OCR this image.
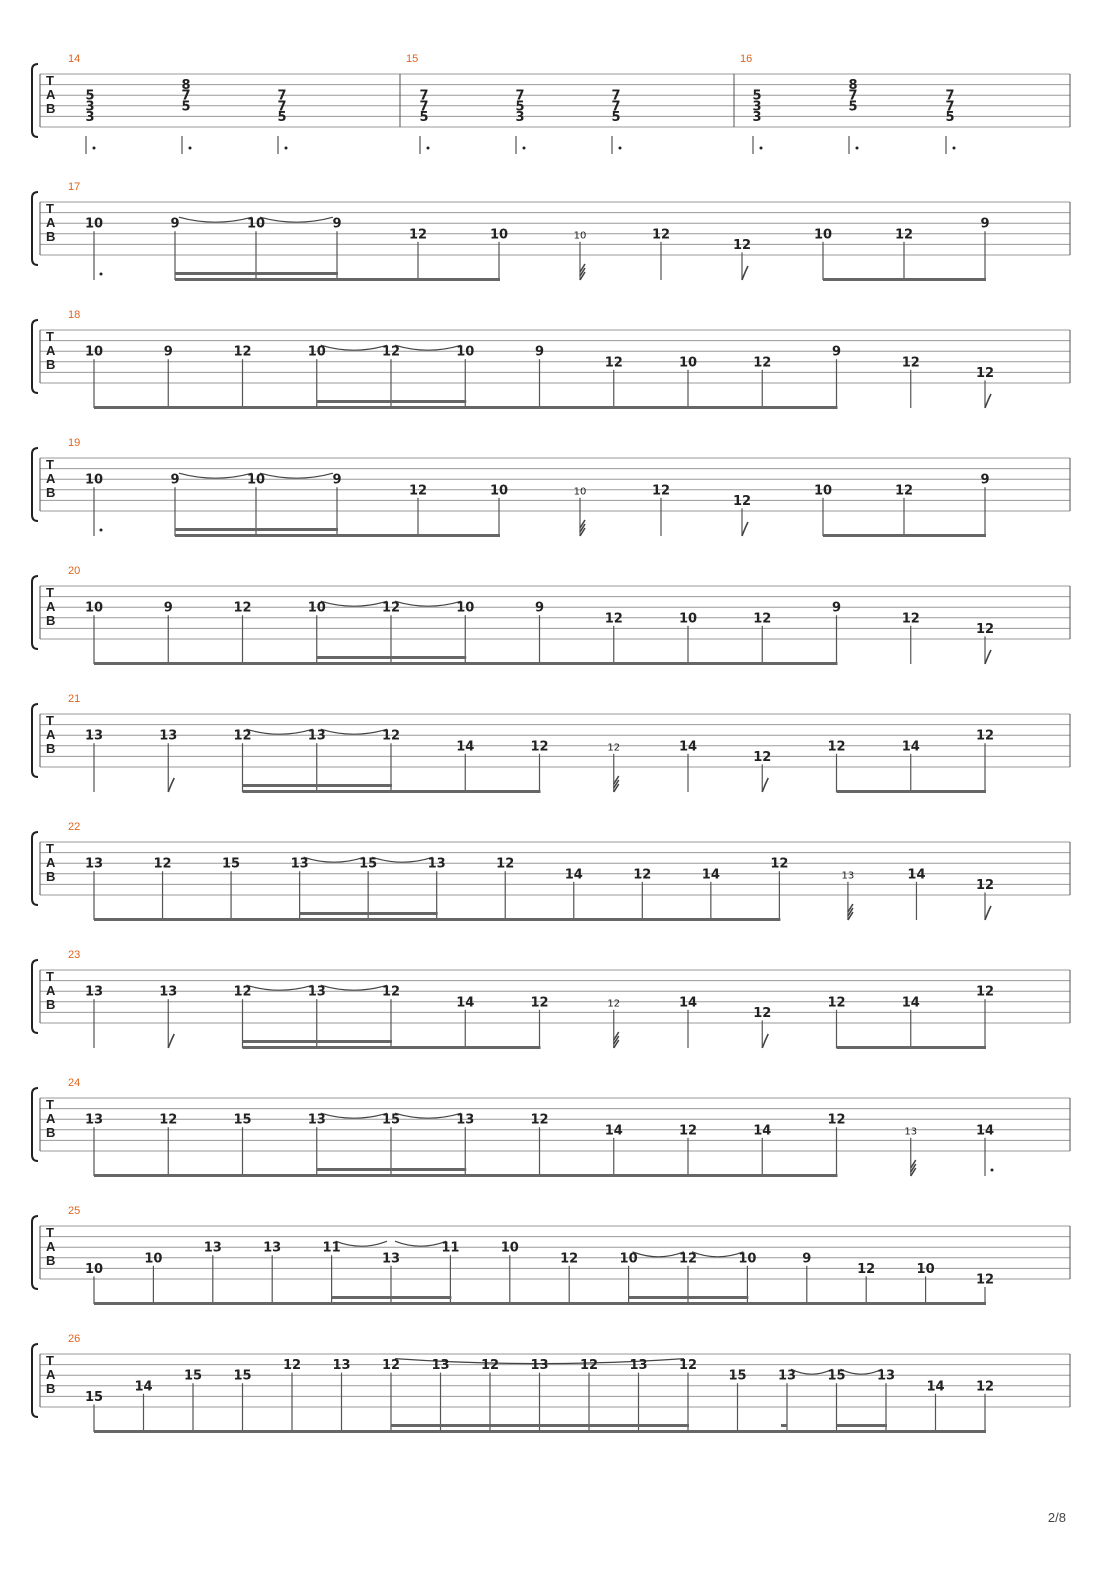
T
A
B
14
5
3
3
8
7
5
7
7
5
15
7
7
5
7
5
3
7
7
5
16
5
3
3
8
7
5
7
7
5
T
A
B
17
10	9	10	9
12	10	10	12
12
10	12
9
T
A
B
18
10	9	12	10	12	10	9
12	10	12
9
12
12
T
A
B
19
10	9	10	9
12	10	10	12
12
10	12
9
T
A
B
20
10	9	12	10	12	10	9
12	10	12
9
12
12
T
A
B
21
13	13	12	13	12
14	12	12	14
12
12	14
12
T
A
B
22
13	12	15	13	15	13	12
14	12	14
12
13	14
12
T
A
B
23
13	13	12	13	12
14	12	12	14
12
12	14
12
T
A
B
24
13	12	15	13	15	13	12
14	12	14
12
13	14
T
A
B
25
10
10
13	13	11
13
11	10
12	10	12	10	9
12	10
12
T
A
B
26
15
14
15 15
12 13 12 13 12 13 12 13 12
15 13 15 13
14 12
2/8
